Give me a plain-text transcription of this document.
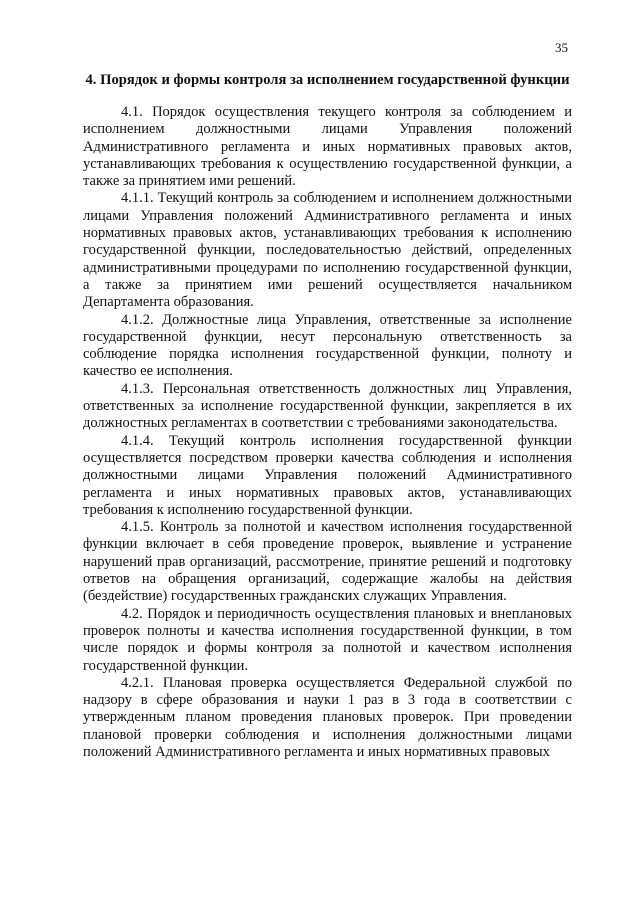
35
4. Порядок и формы контроля за исполнением государственной функции

4.1. Порядок осуществления текущего контроля за соблюдением и исполнением должностными лицами Управления положений Административного регламента и иных нормативных правовых актов, устанавливающих требования к осуществлению государственной функции, а также за принятием ими решений.

4.1.1. Текущий контроль за соблюдением и исполнением должностными лицами Управления положений Административного регламента и иных нормативных правовых актов, устанавливающих требования к исполнению государственной функции, последовательностью действий, определенных административными процедурами по исполнению государственной функции, а также за принятием ими решений осуществляется начальником Департамента образования.

4.1.2. Должностные лица Управления, ответственные за исполнение государственной функции, несут персональную ответственность за соблюдение порядка исполнения государственной функции, полноту и качество ее исполнения.

4.1.3. Персональная ответственность должностных лиц Управления, ответственных за исполнение государственной функции, закрепляется в их должностных регламентах в соответствии с требованиями законодательства.

4.1.4. Текущий контроль исполнения государственной функции осуществляется посредством проверки качества соблюдения и исполнения должностными лицами Управления положений Административного регламента и иных нормативных правовых актов, устанавливающих требования к исполнению государственной функции.

4.1.5. Контроль за полнотой и качеством исполнения государственной функции включает в себя проведение проверок, выявление и устранение нарушений прав организаций, рассмотрение, принятие решений и подготовку ответов на обращения организаций, содержащие жалобы на действия (бездействие) государственных гражданских служащих Управления.

4.2. Порядок и периодичность осуществления плановых и внеплановых проверок полноты и качества исполнения государственной функции, в том числе порядок и формы контроля за полнотой и качеством исполнения государственной функции.

4.2.1. Плановая проверка осуществляется Федеральной службой по надзору в сфере образования и науки 1 раз в 3 года в соответствии с утвержденным планом проведения плановых проверок. При проведении плановой проверки соблюдения и исполнения должностными лицами положений Административного регламента и иных нормативных правовых
